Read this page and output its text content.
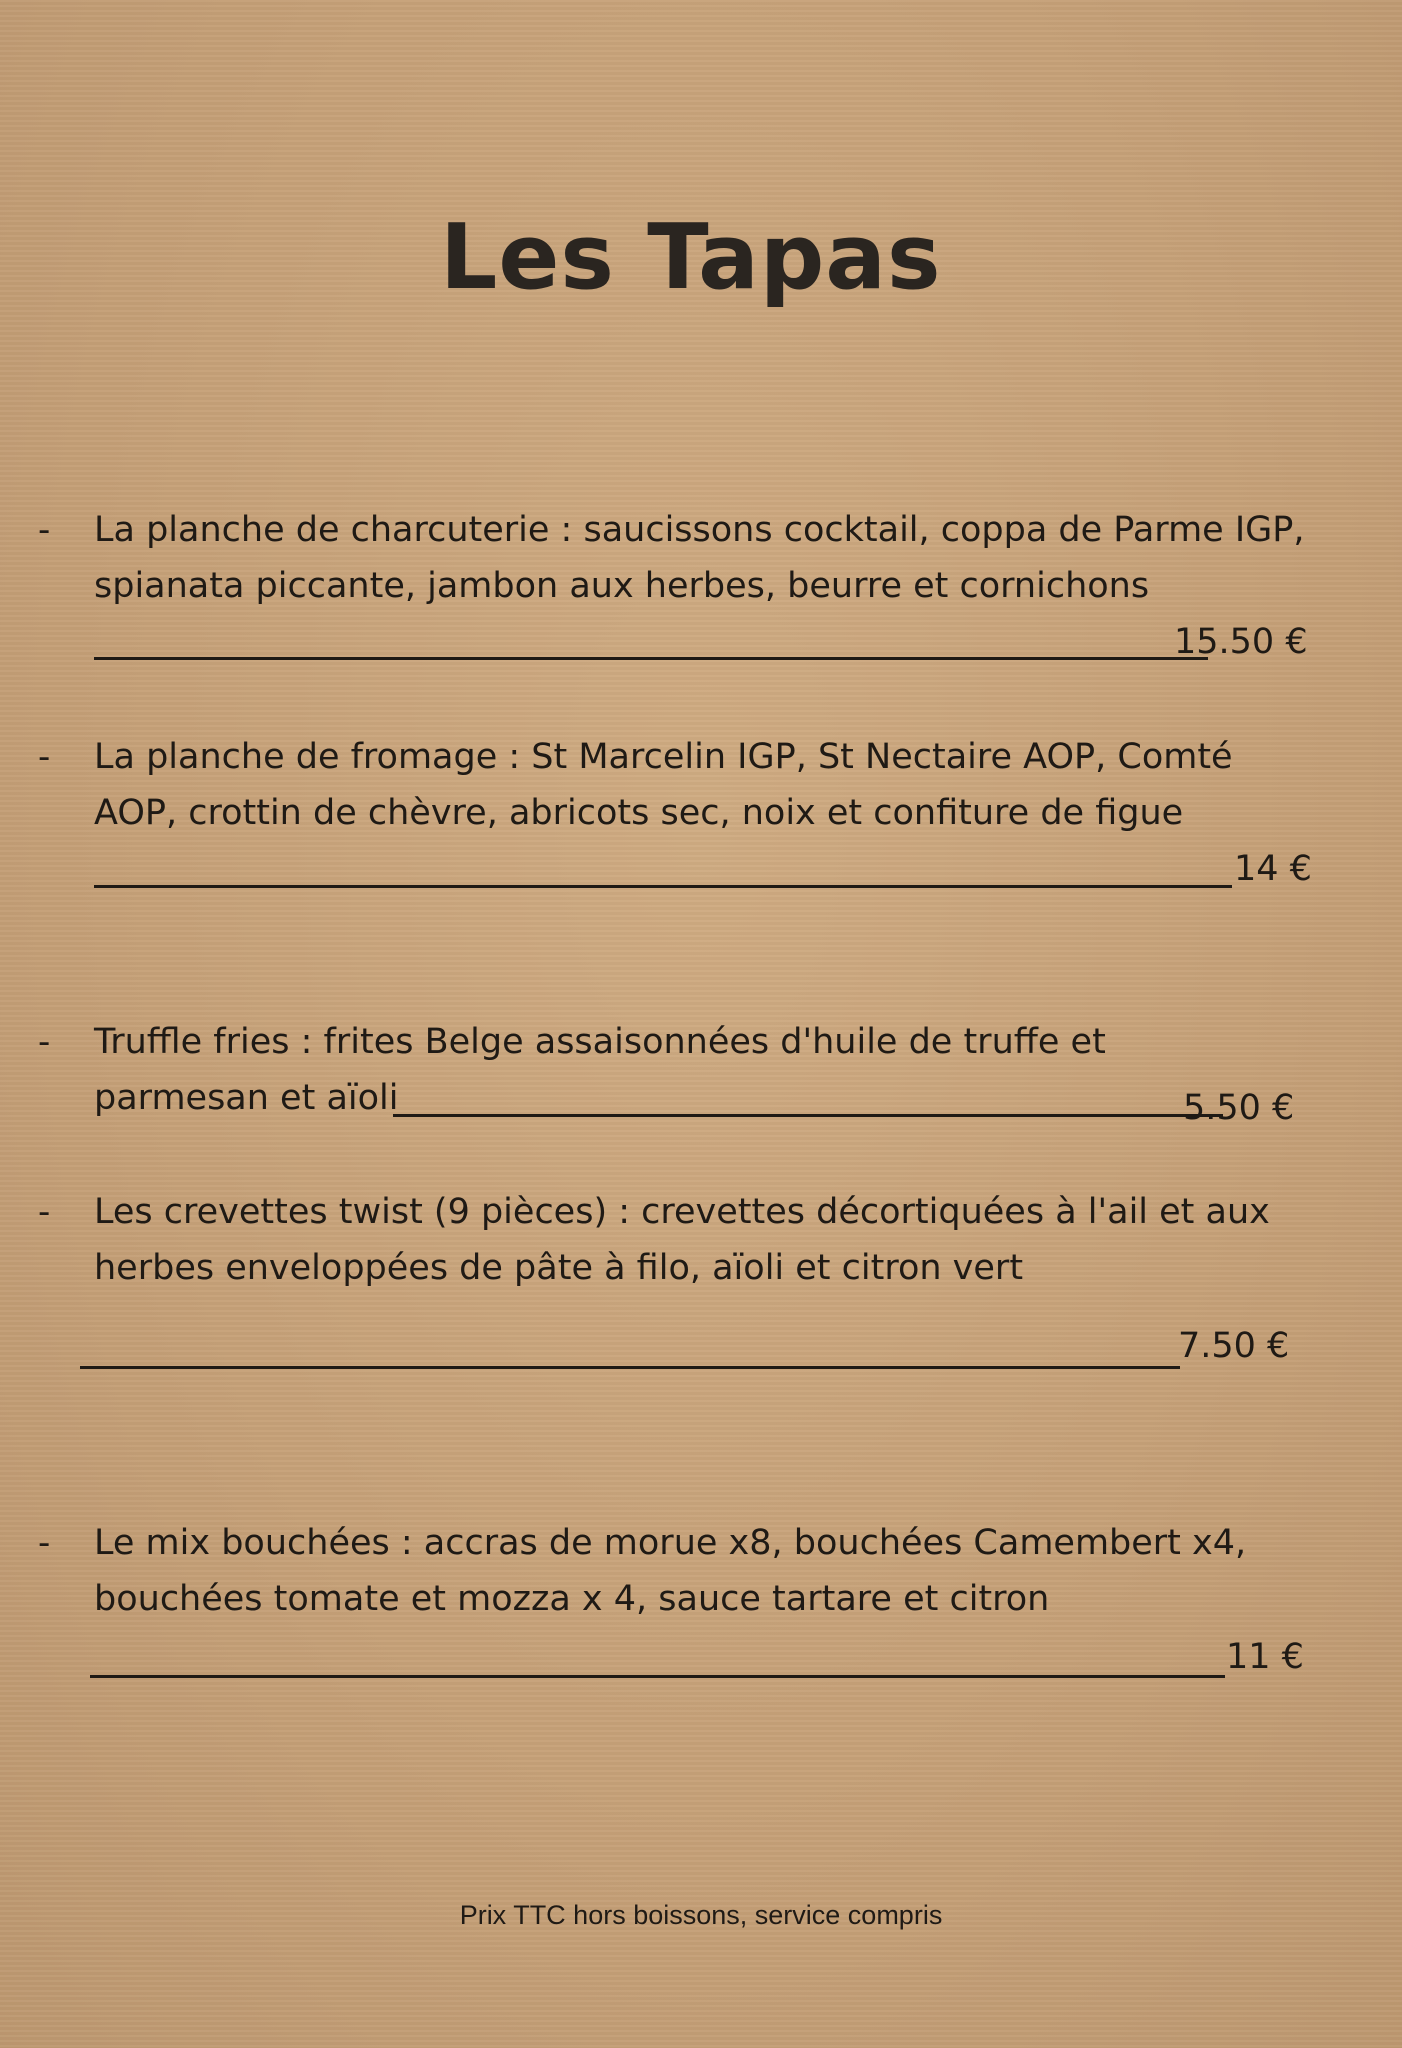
Les Tapas
- La planche de charcuterie : saucissons cocktail, coppa de Parme IGP, spianata piccante, jambon aux herbes, beurre et cornichons
15.50 €
- La planche de fromage : St Marcelin IGP, St Nectaire AOP, Comté AOP, crottin de chèvre, abricots sec, noix et confiture de figue
14 €
- Truffle fries : frites Belge assaisonnées d'huile de truffe et parmesan et aïoli	5.50 €
- Les crevettes twist (9 pièces) : crevettes décortiquées à l'ail et aux herbes enveloppées de pâte à filo, aïoli et citron vert
7.50 €
- Le mix bouchées : accras de morue x8, bouchées Camembert x4, bouchées tomate et mozza x 4, sauce tartare et citron
11 €
Prix TTC hors boissons, service compris
